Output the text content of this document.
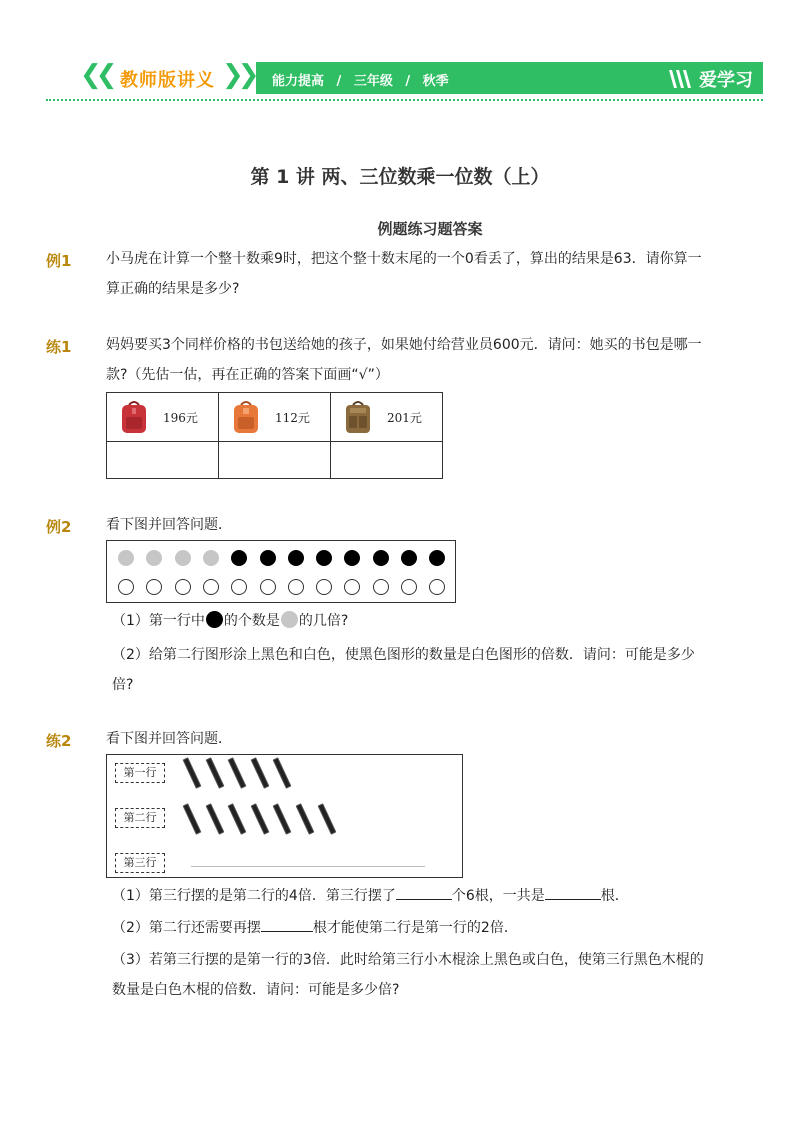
❮❮ 教师版讲义 ❯❯ 能力提高 / 三年级 / 秋季	爱学习
第 1 讲 两、三位数乘一位数（上）
例题练习题答案
例1 小马虎在计算一个整十数乘9时，把这个整十数末尾的一个0看丢了，算出的结果是63．请你算一
算正确的结果是多少?
练1 妈妈要买3个同样价格的书包送给她的孩子，如果她付给营业员600元．请问：她买的书包是哪一
款?（先估一估，再在正确的答案下面画“√”）
196元	112元	201元

例2 看下图并回答问题．
（1）第一行中 的个数是 的几倍?
（2）给第二行图形涂上黑色和白色，使黑色图形的数量是白色图形的倍数．请问：可能是多少
倍?
练2 看下图并回答问题．
第一行
第二行
第三行
（1）第三行摆的是第二行的4倍．第三行摆了	个6根，一共是	根．
（2）第二行还需要再摆	根才能使第二行是第一行的2倍．
（3）若第三行摆的是第一行的3倍．此时给第三行小木棍涂上黑色或白色，使第三行黑色木棍的
数量是白色木棍的倍数．请问：可能是多少倍?
